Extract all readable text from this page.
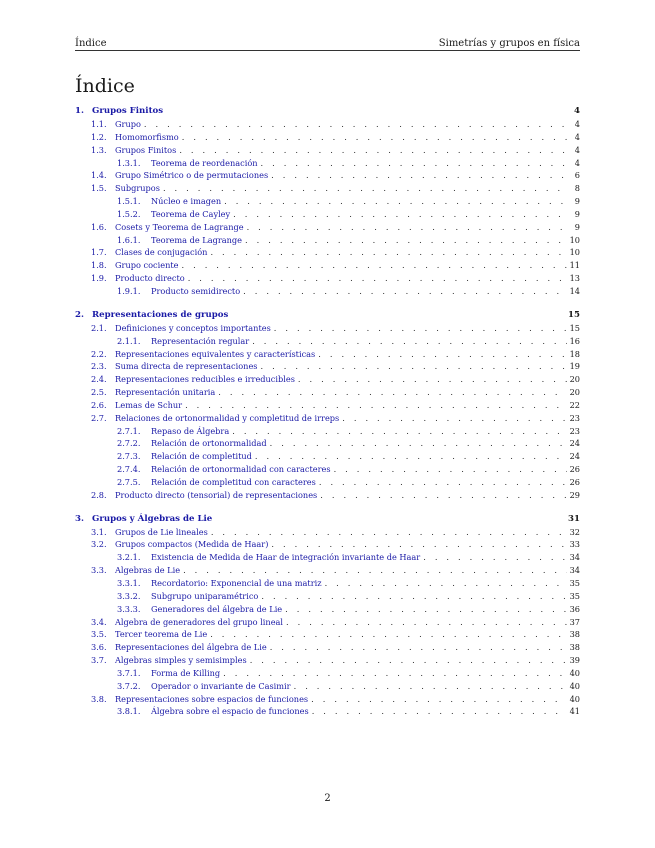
Índice	Simetrías y grupos en física
Índice
1. Grupos Finitos	4
1.1.	Grupo . . .	4
1.2.	Homomorfismo . . .	4
1.3.	Grupos Finitos . . .	4
1.3.1.	Teorema de reordenación . . .	4
1.4.	Grupo Simétrico o de permutaciones . . .	6
1.5.	Subgrupos . . .	8
1.5.1.	Núcleo e imagen . . .	9
1.5.2.	Teorema de Cayley . . .	9
1.6.	Cosets y Teorema de Lagrange . . .	9
1.6.1.	Teorema de Lagrange . . .	10
1.7.	Clases de conjugación . . .	10
1.8.	Grupo cociente . . .	11
1.9.	Producto directo . . .	13
1.9.1.	Producto semidirecto . . .	14
2. Representaciones de grupos	15
2.1.	Definiciones y conceptos importantes . . .	15
2.1.1.	Representación regular . . .	16
2.2.	Representaciones equivalentes y características . . .	18
2.3.	Suma directa de representaciones . . .	19
2.4.	Representaciones reducibles e irreducibles . . .	20
2.5.	Representación unitaria . . .	20
2.6.	Lemas de Schur . . .	22
2.7.	Relaciones de ortonormalidad y completitud de irreps . . .	23
2.7.1.	Repaso de Álgebra . . .	23
2.7.2.	Relación de ortonormalidad . . .	24
2.7.3.	Relación de completitud . . .	24
2.7.4.	Relación de ortonormalidad con caracteres . . .	26
2.7.5.	Relación de completitud con caracteres . . .	26
2.8.	Producto directo (tensorial) de representaciones . . .	29
3. Grupos y Álgebras de Lie	31
3.1.	Grupos de Lie lineales . . .	32
3.2.	Grupos compactos (Medida de Haar) . . .	33
3.2.1.	Existencia de Medida de Haar de integración invariante de Haar . . .	34
3.3.	Algebras de Lie . . .	34
3.3.1.	Recordatorio: Exponencial de una matriz . . .	35
3.3.2.	Subgrupo uniparamétrico . . .	35
3.3.3.	Generadores del álgebra de Lie . . .	36
3.4.	Algebra de generadores del grupo lineal . . .	37
3.5.	Tercer teorema de Lie . . .	38
3.6.	Representaciones del álgebra de Lie . . .	38
3.7.	Algebras simples y semisimples . . .	39
3.7.1.	Forma de Killing . . .	40
3.7.2.	Operador o invariante de Casimir . . .	40
3.8.	Representaciones sobre espacios de funciones . . .	40
3.8.1.	Álgebra sobre el espacio de funciones . . .	41
2
